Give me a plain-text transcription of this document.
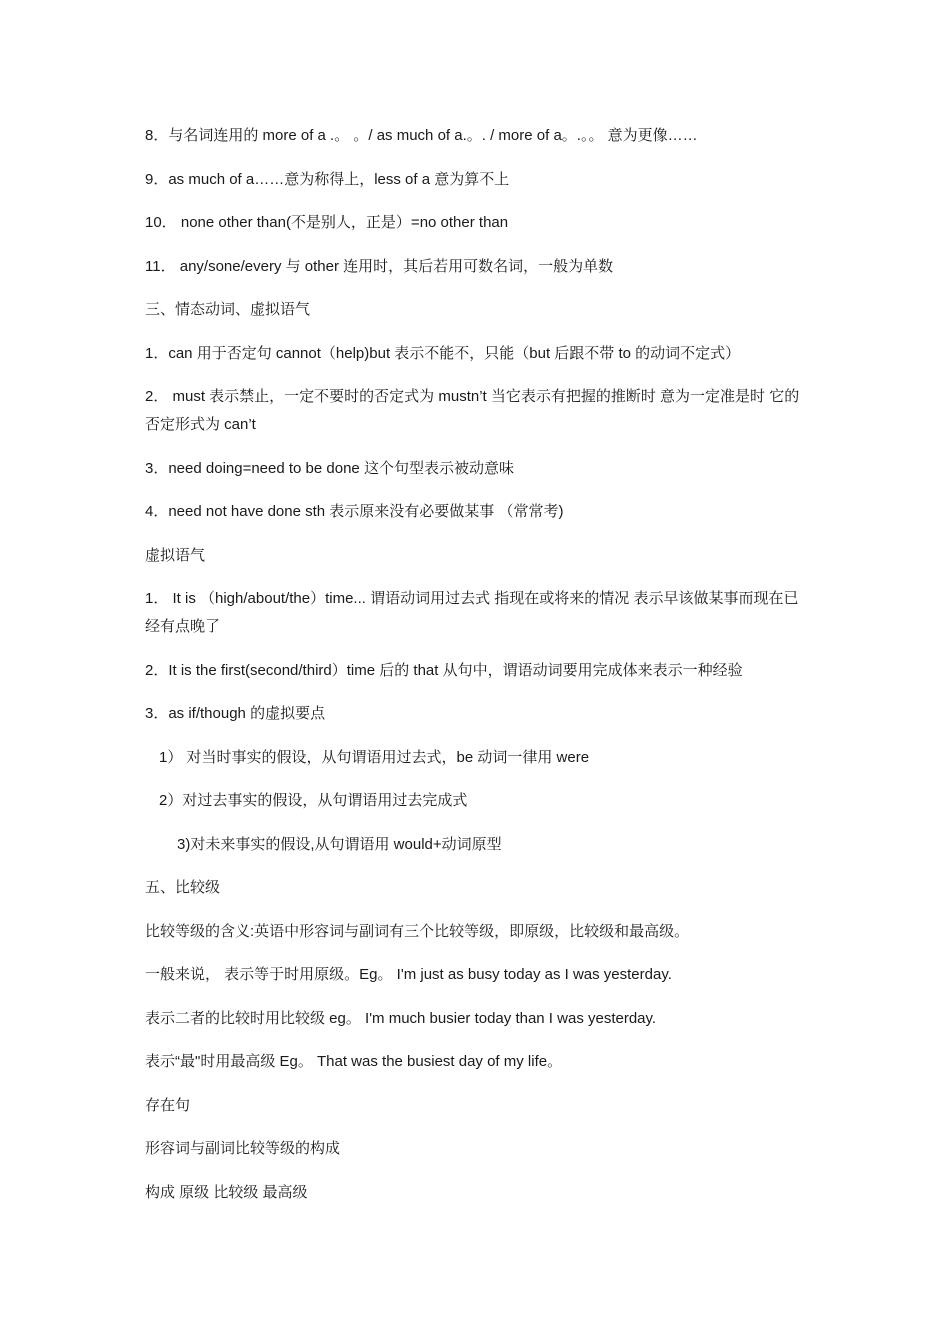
8．与名词连用的 more of a .。 。/ as much of a.。. / more of a。.。。 意为更像……
9．as much of a……意为称得上，less of a 意为算不上
10． none other than(不是别人，正是）=no other than
11． any/sone/every 与 other 连用时，其后若用可数名词，一般为单数
三、情态动词、虚拟语气
1．can 用于否定句 cannot（help)but 表示不能不，只能（but 后跟不带 to 的动词不定式）
2． must 表示禁止，一定不要时的否定式为 mustn’t 当它表示有把握的推断时 意为一定准是时 它的否定形式为 can’t
3．need doing=need to be done 这个句型表示被动意味
4．need not have done sth 表示原来没有必要做某事 （常常考)
虚拟语气
1． It is （high/about/the）time... 谓语动词用过去式 指现在或将来的情况 表示早该做某事而现在已经有点晚了
2．It is the first(second/third）time 后的 that 从句中，谓语动词要用完成体来表示一种经验
3．as if/though 的虚拟要点
1） 对当时事实的假设，从句谓语用过去式，be 动词一律用 were
2）对过去事实的假设，从句谓语用过去完成式
3)对未来事实的假设,从句谓语用 would+动词原型
五、比较级
比较等级的含义:英语中形容词与副词有三个比较等级，即原级，比较级和最高级。
一般来说， 表示等于时用原级。Eg。 I'm just as busy today as I was yesterday.
表示二者的比较时用比较级 eg。 I'm much busier today than I was yesterday.
表示“最"时用最高级 Eg。 That was the busiest day of my life。
存在句
形容词与副词比较等级的构成
构成 原级 比较级 最高级
